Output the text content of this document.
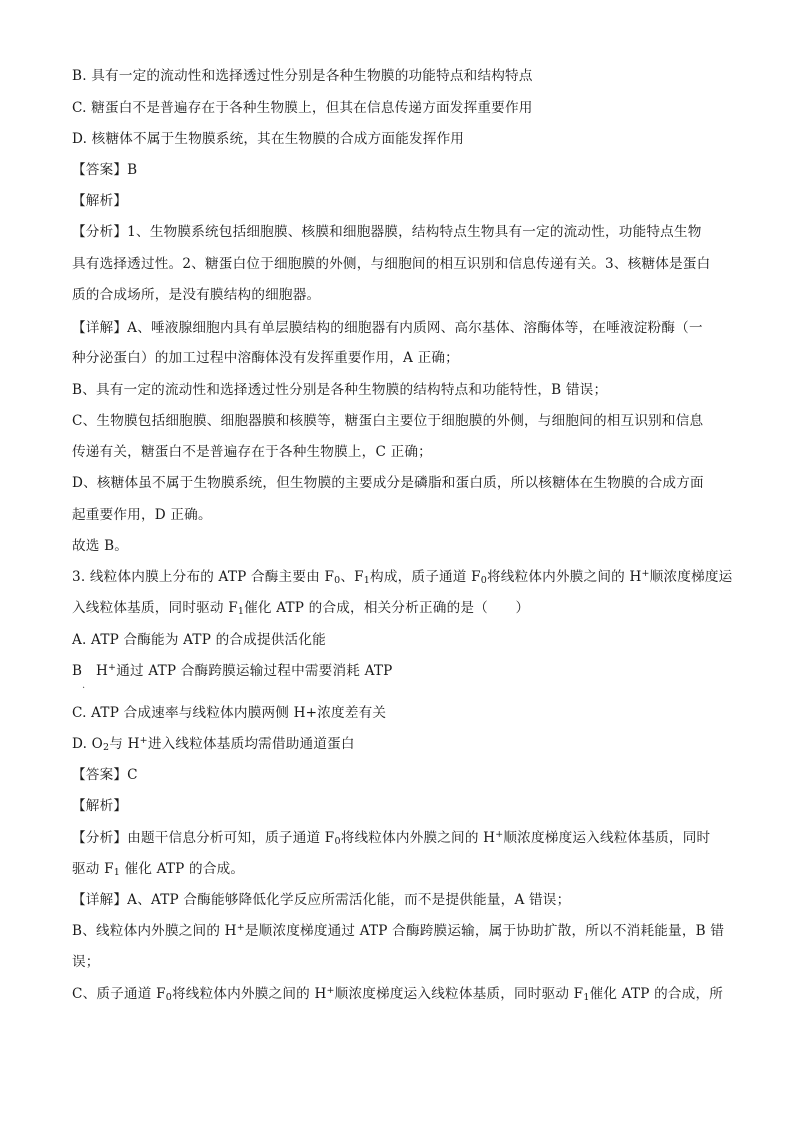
B. 具有一定的流动性和选择透过性分别是各种生物膜的功能特点和结构特点
C. 糖蛋白不是普遍存在于各种生物膜上，但其在信息传递方面发挥重要作用
D. 核糖体不属于生物膜系统，其在生物膜的合成方面能发挥作用
【答案】B
【解析】
【分析】1、生物膜系统包括细胞膜、核膜和细胞器膜，结构特点生物具有一定的流动性，功能特点生物
具有选择透过性。2、糖蛋白位于细胞膜的外侧，与细胞间的相互识别和信息传递有关。3、核糖体是蛋白
质的合成场所，是没有膜结构的细胞器。
【详解】A、唾液腺细胞内具有单层膜结构的细胞器有内质网、高尔基体、溶酶体等，在唾液淀粉酶（一
种分泌蛋白）的加工过程中溶酶体没有发挥重要作用，A 正确；
B、具有一定的流动性和选择透过性分别是各种生物膜的结构特点和功能特性，B 错误；
C、生物膜包括细胞膜、细胞器膜和核膜等，糖蛋白主要位于细胞膜的外侧，与细胞间的相互识别和信息
传递有关，糖蛋白不是普遍存在于各种生物膜上，C 正确；
D、核糖体虽不属于生物膜系统，但生物膜的主要成分是磷脂和蛋白质，所以核糖体在生物膜的合成方面
起重要作用，D 正确。
故选 B。
3. 线粒体内膜上分布的 ATP 合酶主要由 $F_0$、$F_1$构成，质子通道 $F_0$将线粒体内外膜之间的 H+顺浓度梯度运
入线粒体基质，同时驱动 $F_1$催化 ATP 的合成，相关分析正确的是（　　）
A. ATP 合酶能为 ATP 的合成提供活化能
B　H+通过 ATP 合酶跨膜运输过程中需要消耗 ATP
·
C. ATP 合成速率与线粒体内膜两侧 H+浓度差有关
D. $O_2$与 H+进入线粒体基质均需借助通道蛋白
【答案】C
【解析】
【分析】由题干信息分析可知，质子通道 $F_0$将线粒体内外膜之间的 H+顺浓度梯度运入线粒体基质，同时
驱动 $F_1$ 催化 ATP 的合成。
【详解】A、ATP 合酶能够降低化学反应所需活化能，而不是提供能量，A 错误；
B、线粒体内外膜之间的 H+是顺浓度梯度通过 ATP 合酶跨膜运输，属于协助扩散，所以不消耗能量，B 错
误；
C、质子通道 $F_0$将线粒体内外膜之间的 H+顺浓度梯度运入线粒体基质，同时驱动 $F_1$催化 ATP 的合成，所
